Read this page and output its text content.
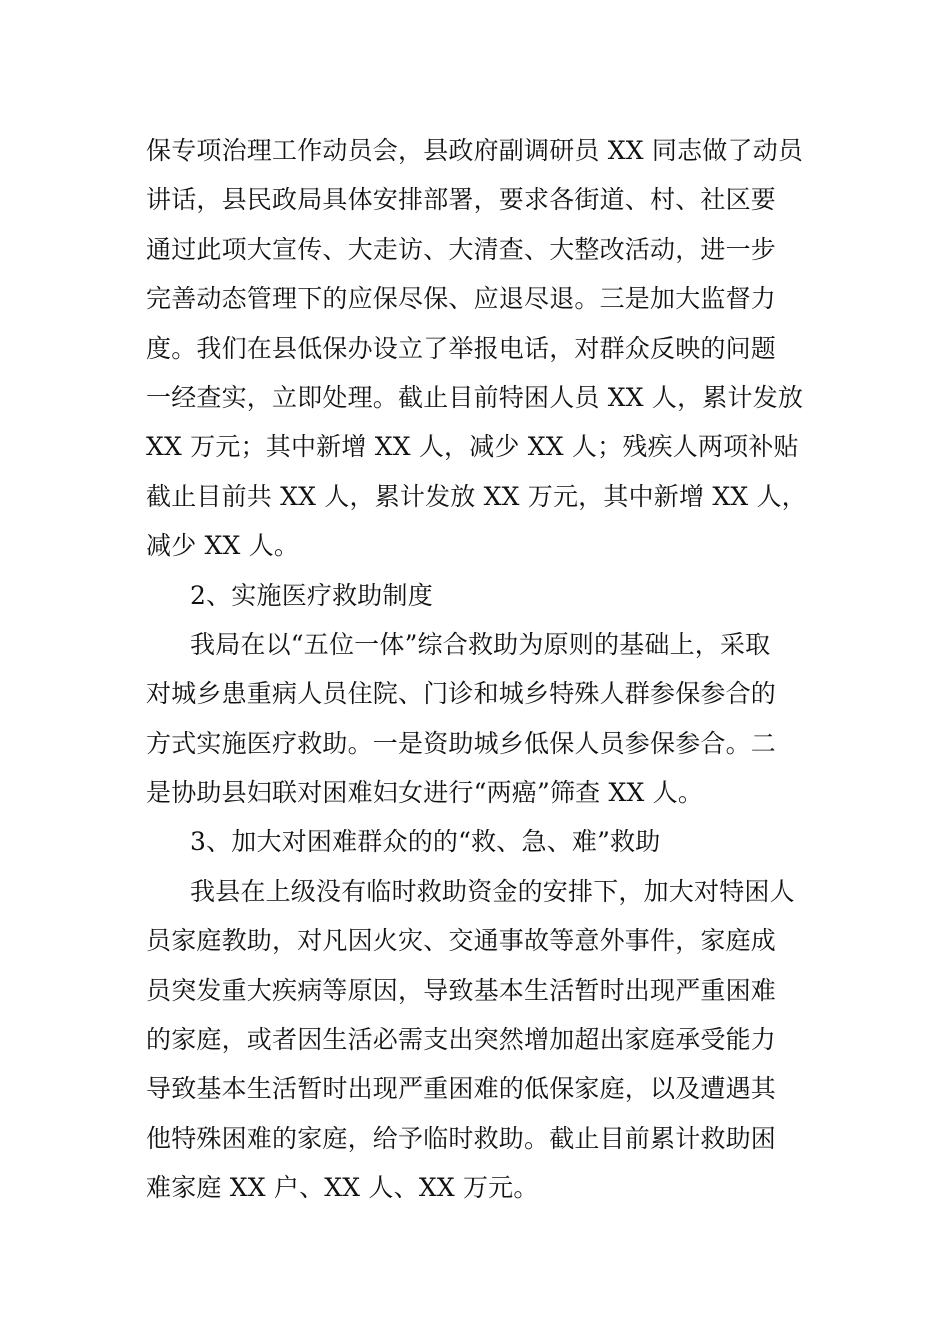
保专项治理工作动员会，县政府副调研员 XX 同志做了动员
讲话，县民政局具体安排部署，要求各街道、村、社区要
通过此项大宣传、大走访、大清查、大整改活动，进一步
完善动态管理下的应保尽保、应退尽退。三是加大监督力
度。我们在县低保办设立了举报电话，对群众反映的问题
一经查实，立即处理。截止目前特困人员 XX 人，累计发放
XX 万元；其中新增 XX 人，减少 XX 人；残疾人两项补贴
截止目前共 XX 人，累计发放 XX 万元，其中新增 XX 人，
减少 XX 人。
2、实施医疗救助制度
我局在以“五位一体”综合救助为原则的基础上，采取
对城乡患重病人员住院、门诊和城乡特殊人群参保参合的
方式实施医疗救助。一是资助城乡低保人员参保参合。二
是协助县妇联对困难妇女进行“两癌”筛查 XX 人。
3、加大对困难群众的的“救、急、难”救助
我县在上级没有临时救助资金的安排下，加大对特困人
员家庭教助，对凡因火灾、交通事故等意外事件，家庭成
员突发重大疾病等原因，导致基本生活暂时出现严重困难
的家庭，或者因生活必需支出突然增加超出家庭承受能力
导致基本生活暂时出现严重困难的低保家庭，以及遭遇其
他特殊困难的家庭，给予临时救助。截止目前累计救助困
难家庭 XX 户、XX 人、XX 万元。
